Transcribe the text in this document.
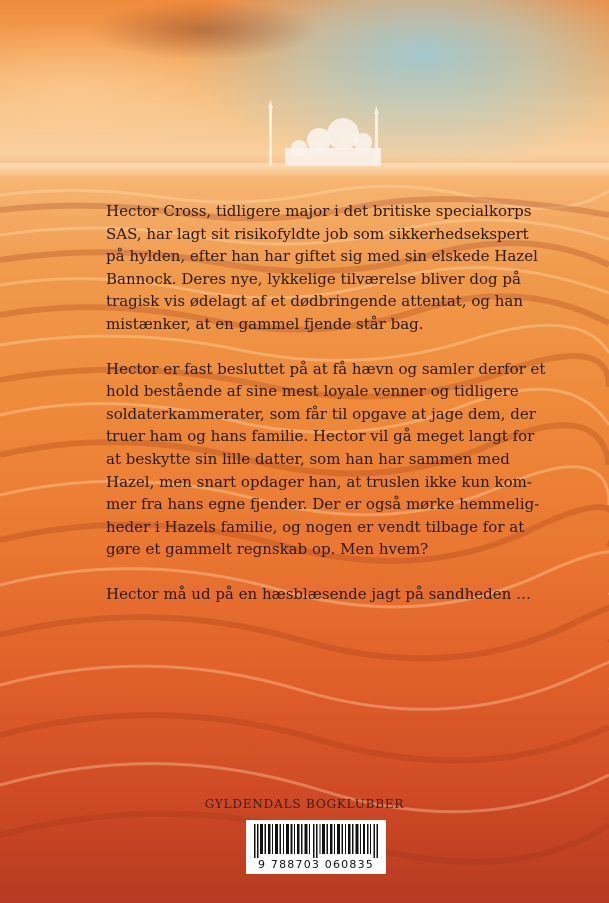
Hector Cross, tidligere major i det britiske specialkorps
SAS, har lagt sit risikofyldte job som sikkerhedsekspert
på hylden, efter han har giftet sig med sin elskede Hazel
Bannock. Deres nye, lykkelige tilværelse bliver dog på
tragisk vis ødelagt af et dødbringende attentat, og han
mistænker, at en gammel fjende står bag.

Hector er fast besluttet på at få hævn og samler derfor et
hold bestående af sine mest loyale venner og tidligere
soldaterkammerater, som får til opgave at jage dem, der
truer ham og hans familie. Hector vil gå meget langt for
at beskytte sin lille datter, som han har sammen med
Hazel, men snart opdager han, at truslen ikke kun kom-
mer fra hans egne fjender. Der er også mørke hemmelig-
heder i Hazels familie, og nogen er vendt tilbage for at
gøre et gammelt regnskab op. Men hvem?

Hector må ud på en hæsblæsende jagt på sandheden …

GYLDENDALS BOGKLUBBER
9 788703 060835
